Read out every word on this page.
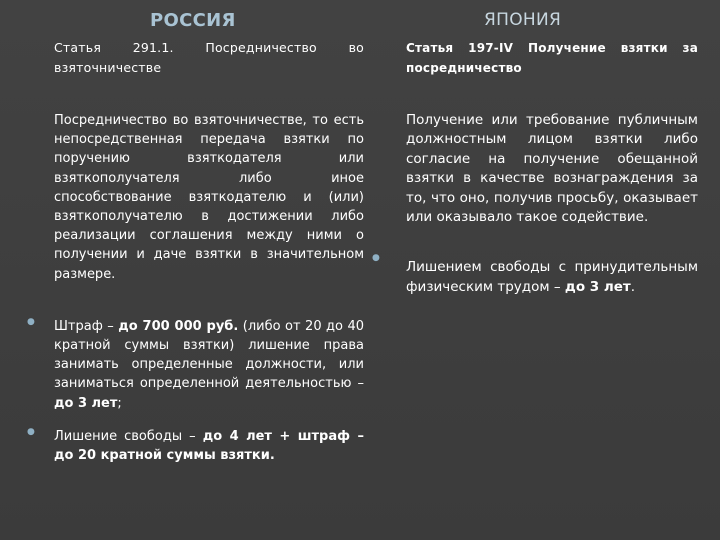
РОССИЯ	ЯПОНИЯ
Статья 291.1. Посредничество во взяточничестве
Посредничество во взяточничестве, то есть непосредственная передача взятки по поручению взяткодателя или взяткополучателя либо иное способствование взяткодателю и (или) взяткополучателю в достижении либо реализации соглашения между ними о получении и даче взятки в значительном размере.
● Штраф – до 700 000 руб. (либо от 20 до 40 кратной суммы взятки) лишение права занимать определенные должности, или заниматься определенной деятельностью – до 3 лет;
● Лишение свободы – до 4 лет + штраф – до 20 кратной суммы взятки.
Статья 197-IV Получение взятки за посредничество
Получение или требование публичным должностным лицом взятки либо согласие на получение обещанной взятки в качестве вознаграждения за то, что оно, получив просьбу, оказывает или оказывало такое содействие.
●
Лишением свободы с принудительным физическим трудом – до 3 лет.
